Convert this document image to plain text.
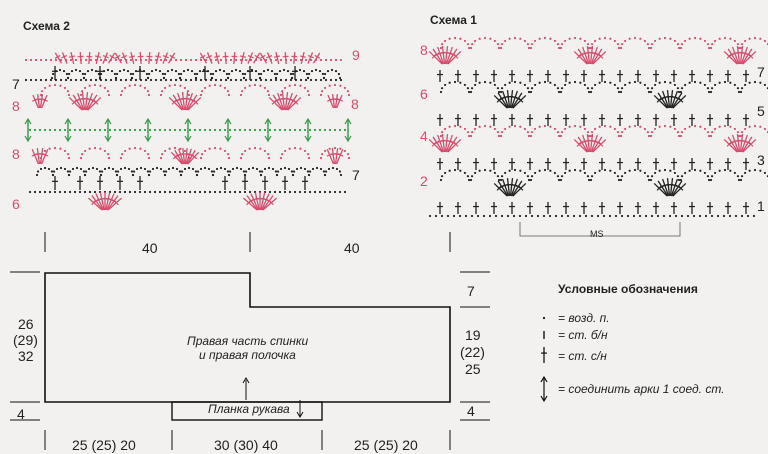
Схема 2
9
8
7
6
7
8
8
Схема 1
8
6
4
2
7
5
3
1
MS
40	40
7
26
(29)
32
19
(22)
25
4	4
Правая часть спинки
и правая полочка
Планка рукава
25 (25) 20	30 (30) 40	25 (25) 20
Условные обозначения
= возд. п.
= ст. б/н
= ст. с/н
= соединить арки 1 соед. ст.
